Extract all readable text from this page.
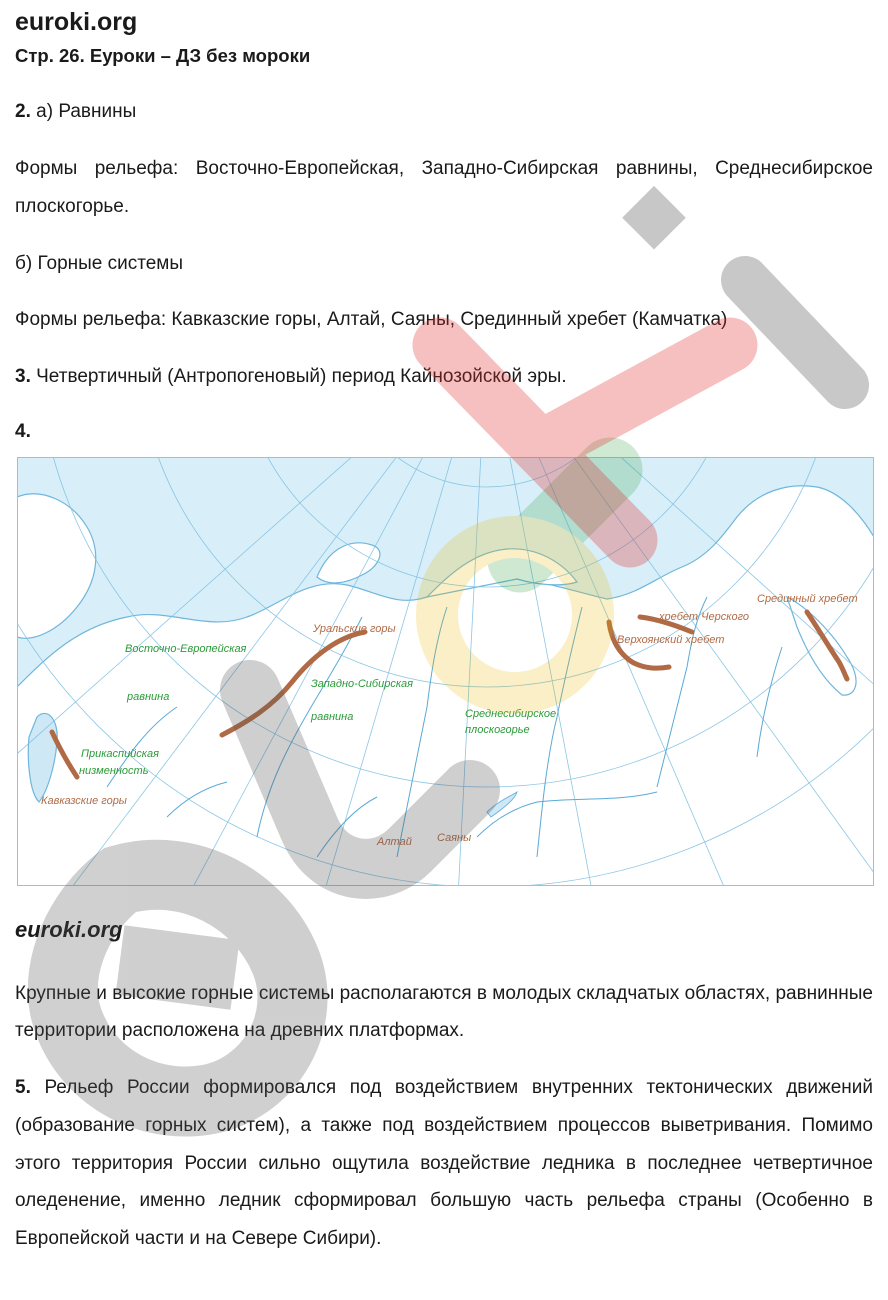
euroki.org
Стр. 26. Еуроки – ДЗ без мороки

2. а) Равнины

Формы рельефа: Восточно-Европейская, Западно-Сибирская равнины, Среднесибирское плоскогорье.

б) Горные системы

Формы рельефа: Кавказские горы, Алтай, Саяны, Срединный хребет (Камчатка)

3. Четвертичный (Антропогеновый) период Кайнозойской эры.

4.

Восточно-Европейская
равнина
Уральские горы
Западно-Сибирская
равнина	Среднесибирское
плоскогорье
Прикаспийская
низменность
Кавказские горы
Алтай Саяны
хребет Черского
Верхоянский хребет
Срединный хребет
euroki.org

Крупные и высокие горные системы располагаются в молодых складчатых областях, равнинные территории расположена на древних платформах.

5. Рельеф России формировался под воздействием внутренних тектонических движений (образование горных систем), а также под воздействием процессов выветривания. Помимо этого территория России сильно ощутила воздействие ледника в последнее четвертичное оледенение, именно ледник сформировал большую часть рельефа страны (Особенно в Европейской части и на Севере Сибири).
